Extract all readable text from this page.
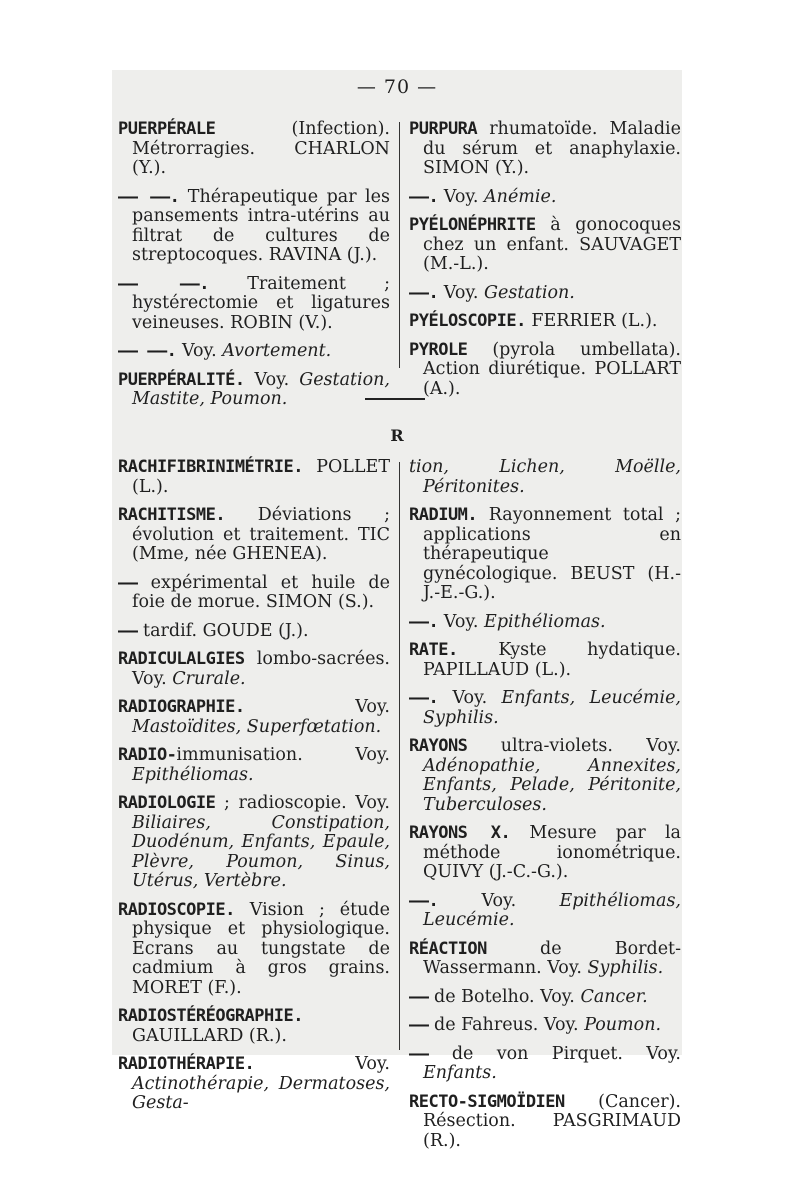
— 70 —
PUERPÉRALE (Infection). Métrorragies. CHARLON (Y.).
—— ——. Thérapeutique par les pansements intra-utérins au filtrat de cultures de streptocoques. RAVINA (J.).
—— ——. Traitement ; hystérectomie et ligatures veineuses. ROBIN (V.).
—— ——. Voy. Avortement.
PUERPÉRALITÉ. Voy. Gestation, Mastite, Poumon.
PURPURA rhumatoïde. Maladie du sérum et anaphylaxie. SIMON (Y.).
——. Voy. Anémie.
PYÉLONÉPHRITE à gonocoques chez un enfant. SAUVAGET (M.-L.).
——. Voy. Gestation.
PYÉLOSCOPIE. FERRIER (L.).
PYROLE (pyrola umbellata). Action diurétique. POLLART (A.).
R
RACHIFIBRINIMÉTRIE. POLLET (L.).
RACHITISME. Déviations ; évolution et traitement. TIC (Mme, née GHENEA).
—— expérimental et huile de foie de morue. SIMON (S.).
—— tardif. GOUDE (J.).
RADICULALGIES lombo-sacrées. Voy. Crurale.
RADIOGRAPHIE. Voy. Mastoïdites, Superfœtation.
RADIO-immunisation. Voy. Epithéliomas.
RADIOLOGIE ; radioscopie. Voy. Biliaires, Constipation, Duodénum, Enfants, Epaule, Plèvre, Poumon, Sinus, Utérus, Vertèbre.
RADIOSCOPIE. Vision ; étude physique et physiologique. Ecrans au tungstate de cadmium à gros grains. MORET (F.).
RADIOSTÉRÉOGRAPHIE. GAUILLARD (R.).
RADIOTHÉRAPIE. Voy. Actinothérapie, Dermatoses, Gesta-
tion, Lichen, Moëlle, Péritonites.
RADIUM. Rayonnement total ; applications en thérapeutique gynécologique. BEUST (H.-J.-E.-G.).
——. Voy. Epithéliomas.
RATE. Kyste hydatique. PAPILLAUD (L.).
——. Voy. Enfants, Leucémie, Syphilis.
RAYONS ultra-violets. Voy. Adénopathie, Annexites, Enfants, Pelade, Péritonite, Tuberculoses.
RAYONS X. Mesure par la méthode ionométrique. QUIVY (J.-C.-G.).
——. Voy. Epithéliomas, Leucémie.
RÉACTION de Bordet-Wassermann. Voy. Syphilis.
—— de Botelho. Voy. Cancer.
—— de Fahreus. Voy. Poumon.
—— de von Pirquet. Voy. Enfants.
RECTO-SIGMOÏDIEN (Cancer). Résection. PASGRIMAUD (R.).
